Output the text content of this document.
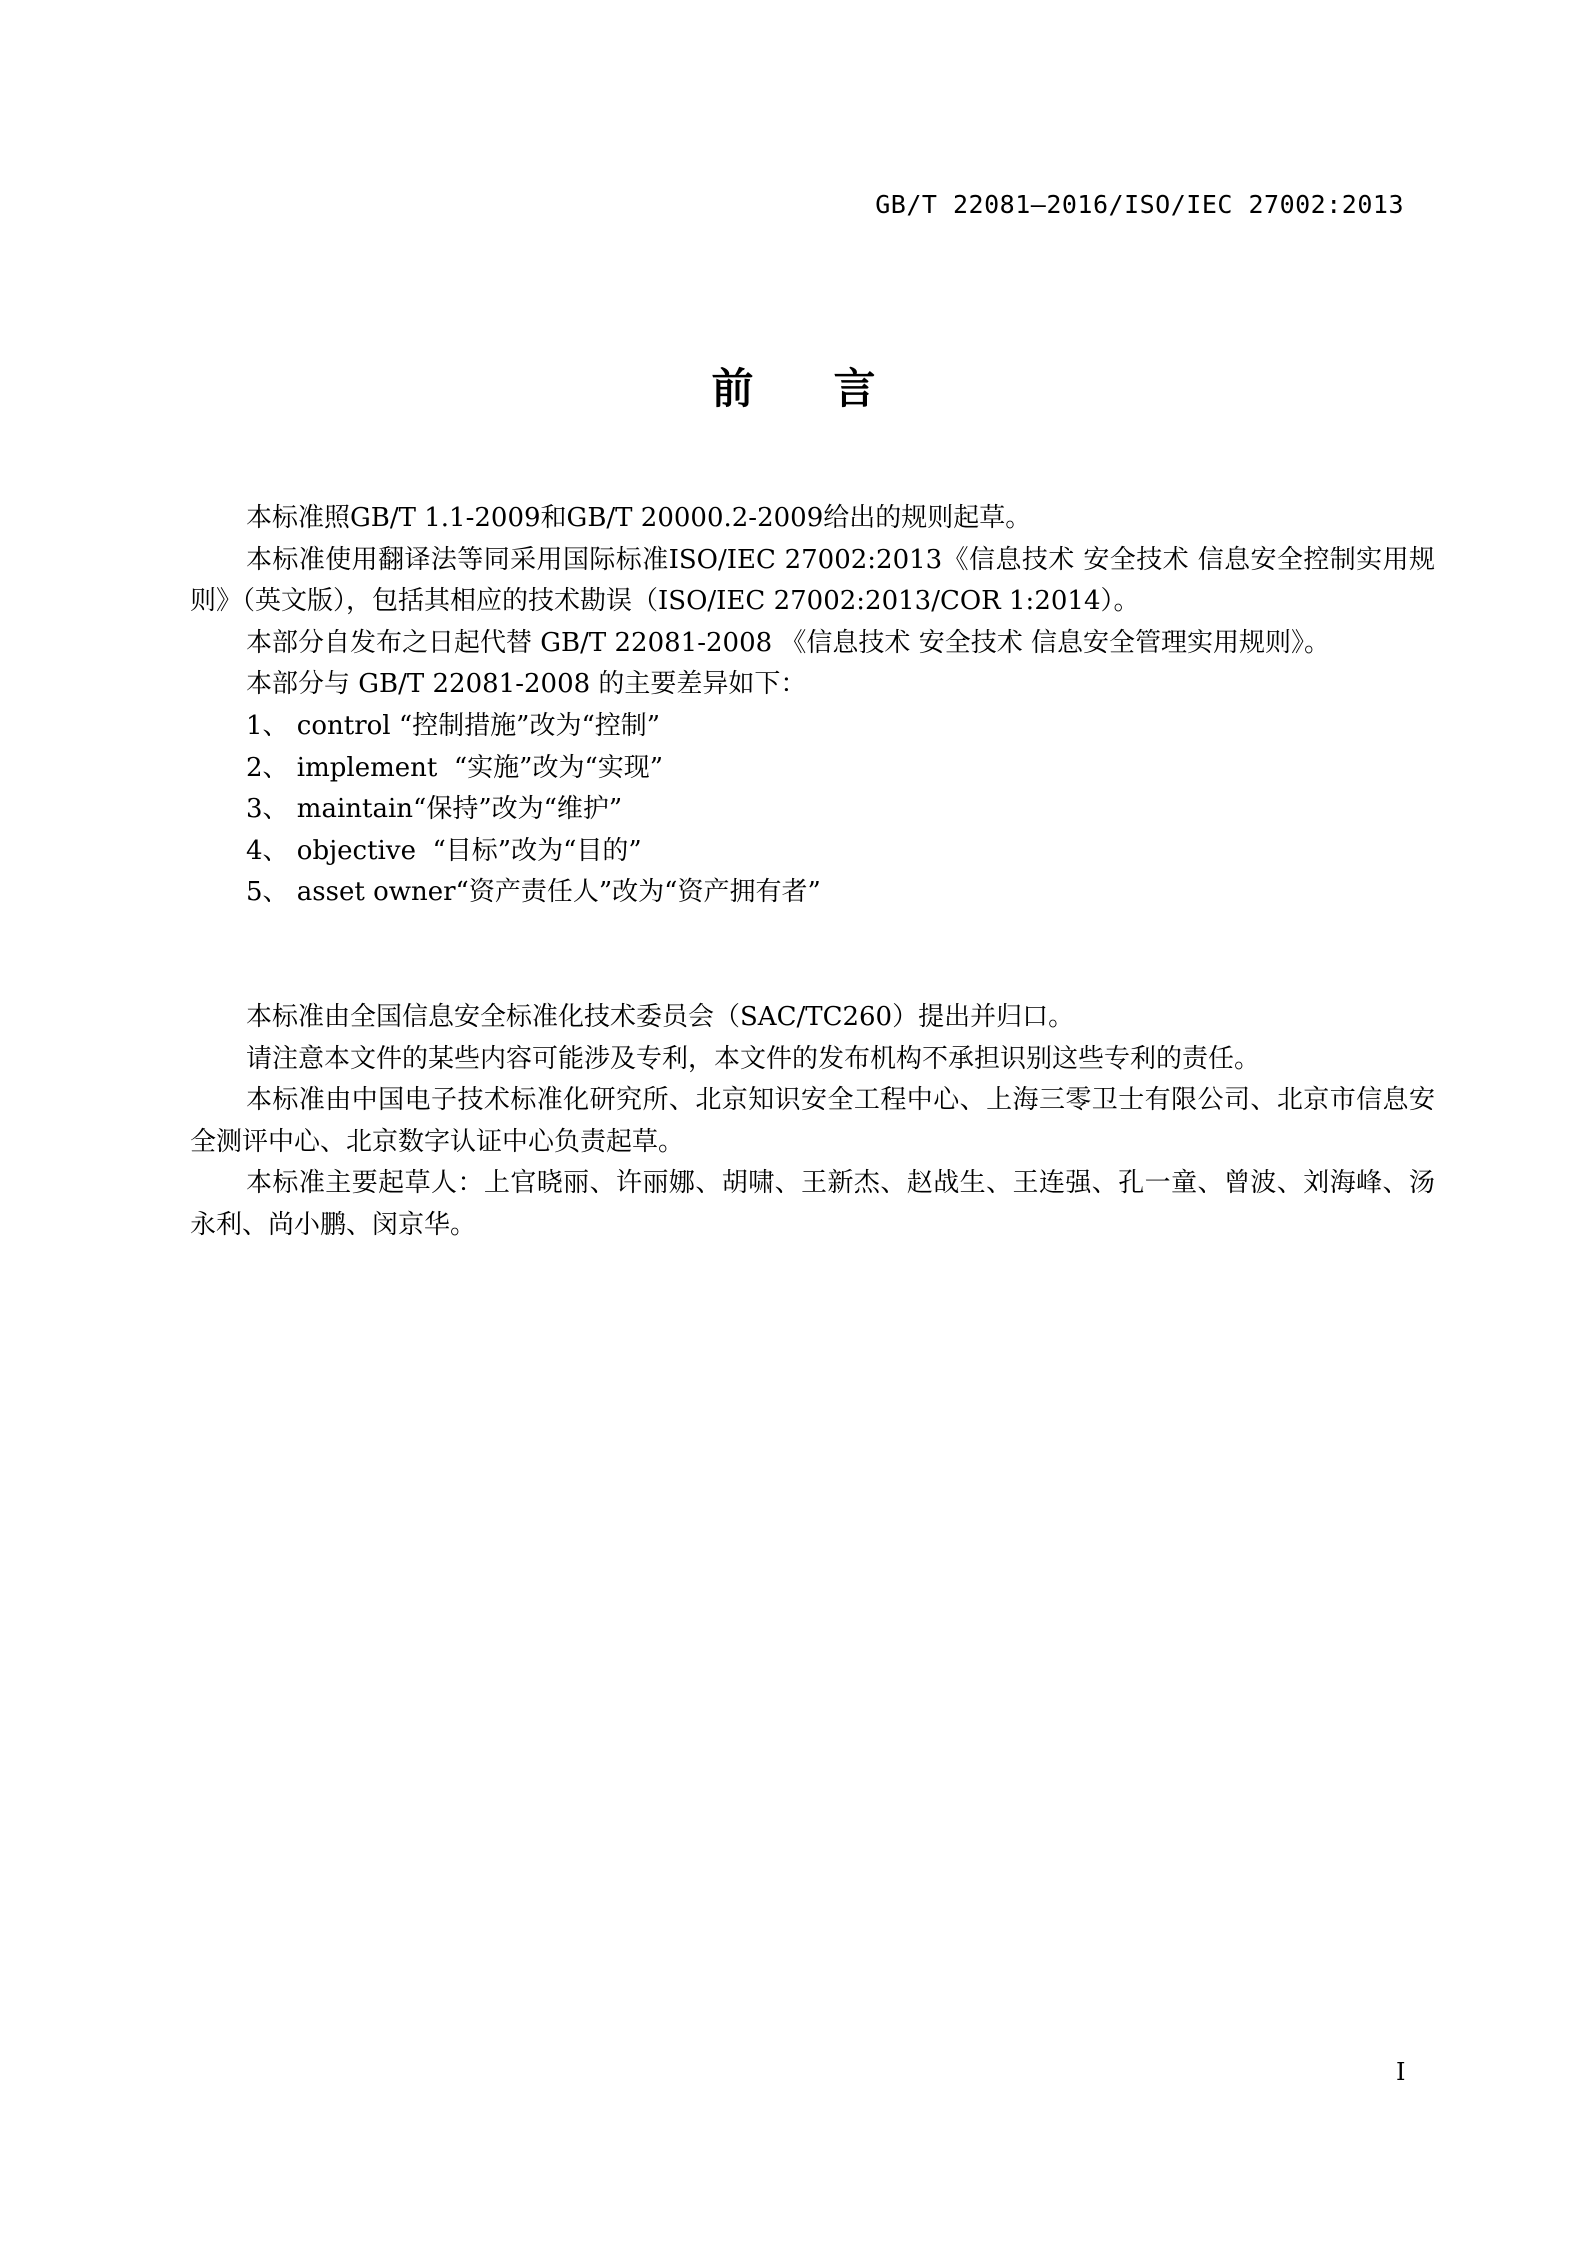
GB/T 22081—2016/ISO/IEC 27002:2013
前言

本标准照GB/T 1.1-2009和GB/T 20000.2-2009给出的规则起草。

本标准使用翻译法等同采用国际标准ISO/IEC 27002:2013《信息技术 安全技术 信息安全控制实用规则》（英文版），包括其相应的技术勘误（ISO/IEC 27002:2013/COR 1:2014）。

本部分自发布之日起代替 GB/T 22081-2008 《信息技术 安全技术 信息安全管理实用规则》。

本部分与 GB/T 22081-2008 的主要差异如下：

1、 control “控制措施”改为“控制”

2、 implement  “实施”改为“实现”

3、 maintain“保持”改为“维护”

4、 objective  “目标”改为“目的”

5、 asset owner“资产责任人”改为“资产拥有者”

本标准由全国信息安全标准化技术委员会（SAC/TC260）提出并归口。

请注意本文件的某些内容可能涉及专利，本文件的发布机构不承担识别这些专利的责任。

本标准由中国电子技术标准化研究所、北京知识安全工程中心、上海三零卫士有限公司、北京市信息安全测评中心、北京数字认证中心负责起草。

本标准主要起草人：上官晓丽、许丽娜、胡啸、王新杰、赵战生、王连强、孔一童、曾波、刘海峰、汤永利、尚小鹏、闵京华。

I
